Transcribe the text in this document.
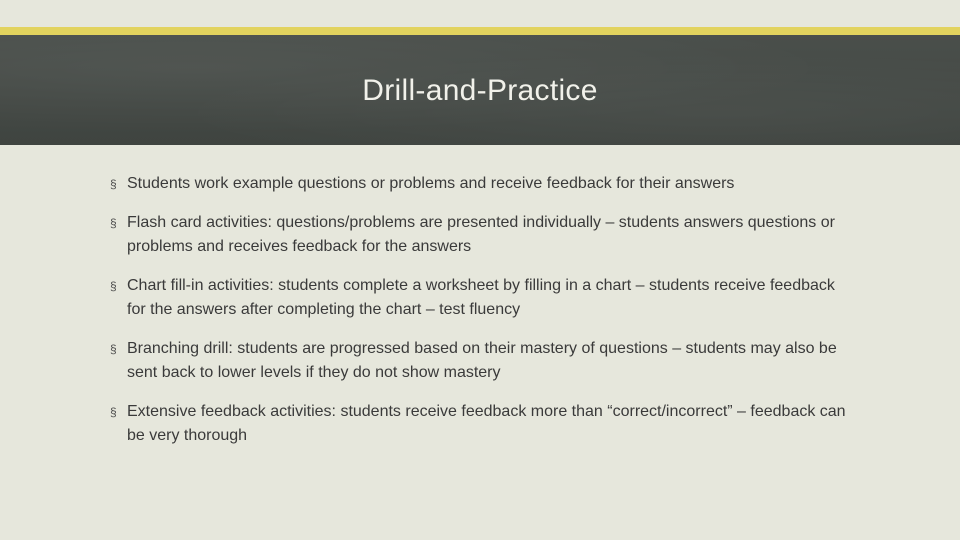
Drill-and-Practice
§ Students work example questions or problems and receive feedback for their answers
§ Flash card activities: questions/problems are presented individually – students answers questions or problems and receives feedback for the answers
§ Chart fill-in activities: students complete a worksheet by filling in a chart – students receive feedback for the answers after completing the chart – test fluency
§ Branching drill: students are progressed based on their mastery of questions – students may also be sent back to lower levels if they do not show mastery
§ Extensive feedback activities: students receive feedback more than “correct/incorrect” – feedback can be very thorough
